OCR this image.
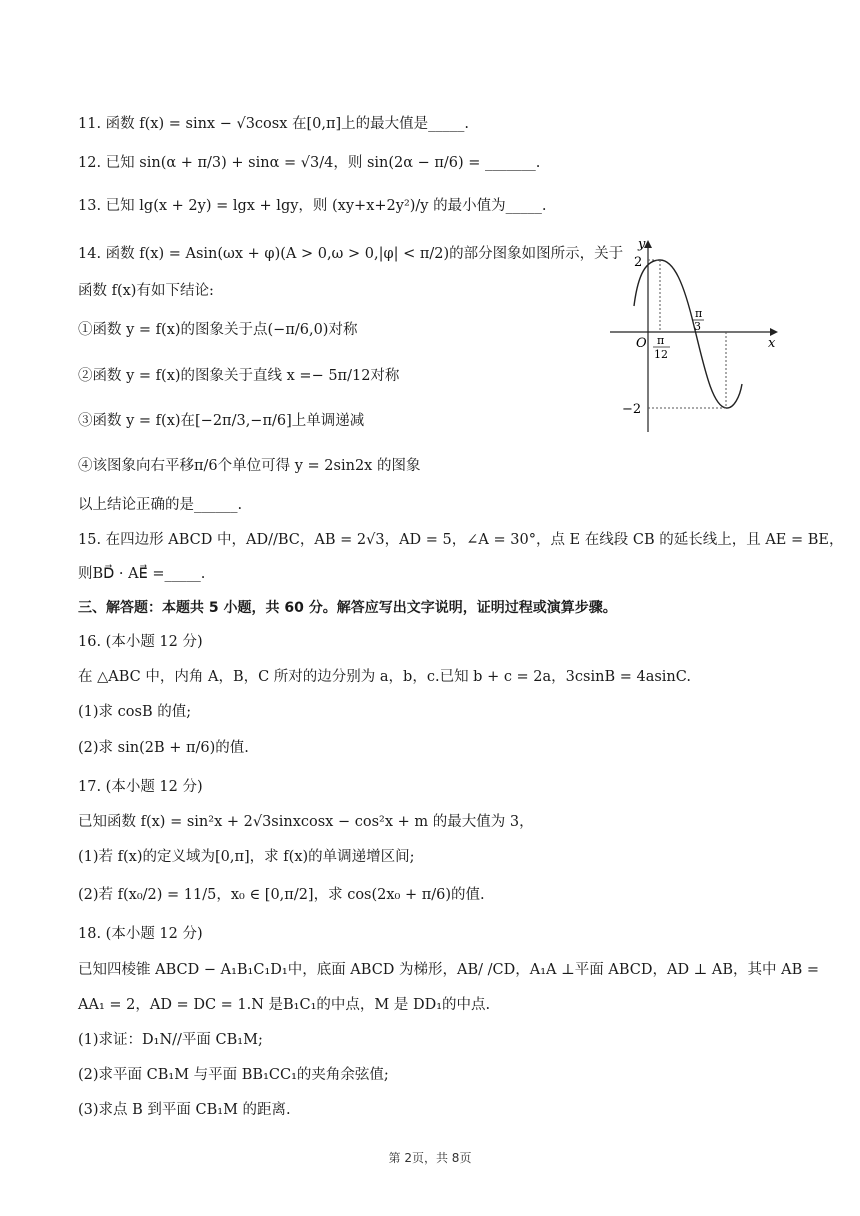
11. 函数 f(x) = sinx − √3cosx 在[0,π]上的最大值是_____.
12. 已知 sin(α + π/3) + sinα = √3/4，则 sin(2α − π/6) = _______.
13. 已知 lg(x + 2y) = lgx + lgy，则 (xy+x+2y²)/y 的最小值为_____.
14. 函数 f(x) = Asin(ωx + φ)(A > 0,ω > 0,|φ| < π/2)的部分图象如图所示，关于
函数 f(x)有如下结论:
①函数 y = f(x)的图象关于点(−π/6,0)对称
②函数 y = f(x)的图象关于直线 x =− 5π/12对称
③函数 y = f(x)在[−2π/3,−π/6]上单调递减
④该图象向右平移π/6个单位可得 y = 2sin2x 的图象
以上结论正确的是______.
15. 在四边形 ABCD 中，AD//BC，AB = 2√3，AD = 5，∠A = 30°，点 E 在线段 CB 的延长线上，且 AE = BE，
则BD⃗ · AE⃗ =_____.
三、解答题：本题共 5 小题，共 60 分。解答应写出文字说明，证明过程或演算步骤。
16. (本小题 12 分)
在 △ABC 中，内角 A，B，C 所对的边分别为 a，b，c.已知 b + c = 2a，3csinB = 4asinC.
(1)求 cosB 的值;
(2)求 sin(2B + π/6)的值.
17. (本小题 12 分)
已知函数 f(x) = sin²x + 2√3sinxcosx − cos²x + m 的最大值为 3，
(1)若 f(x)的定义域为[0,π]，求 f(x)的单调递增区间;
(2)若 f(x₀/2) = 11/5，x₀ ∈ [0,π/2]，求 cos(2x₀ + π/6)的值.
18. (本小题 12 分)
已知四棱锥 ABCD − A₁B₁C₁D₁中，底面 ABCD 为梯形，AB/ /CD，A₁A ⊥平面 ABCD，AD ⊥ AB，其中 AB =
AA₁ = 2，AD = DC = 1.N 是B₁C₁的中点，M 是 DD₁的中点.
(1)求证：D₁N//平面 CB₁M;
(2)求平面 CB₁M 与平面 BB₁CC₁的夹角余弦值;
(3)求点 B 到平面 CB₁M 的距离.
y
x
O
2
−2
π
12
π
3
第 2页，共 8页
